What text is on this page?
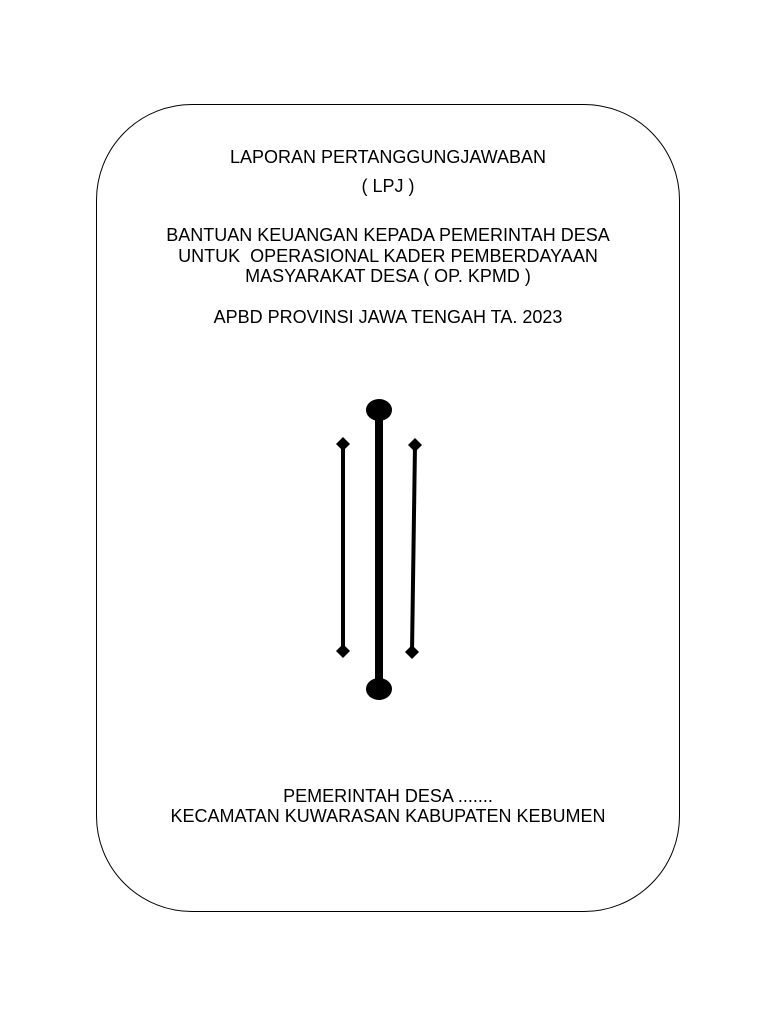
LAPORAN PERTANGGUNGJAWABAN
( LPJ )
BANTUAN KEUANGAN KEPADA PEMERINTAH DESA
UNTUK  OPERASIONAL KADER PEMBERDAYAAN
MASYARAKAT DESA ( OP. KPMD )
APBD PROVINSI JAWA TENGAH TA. 2023
PEMERINTAH DESA .......
KECAMATAN KUWARASAN KABUPATEN KEBUMEN
